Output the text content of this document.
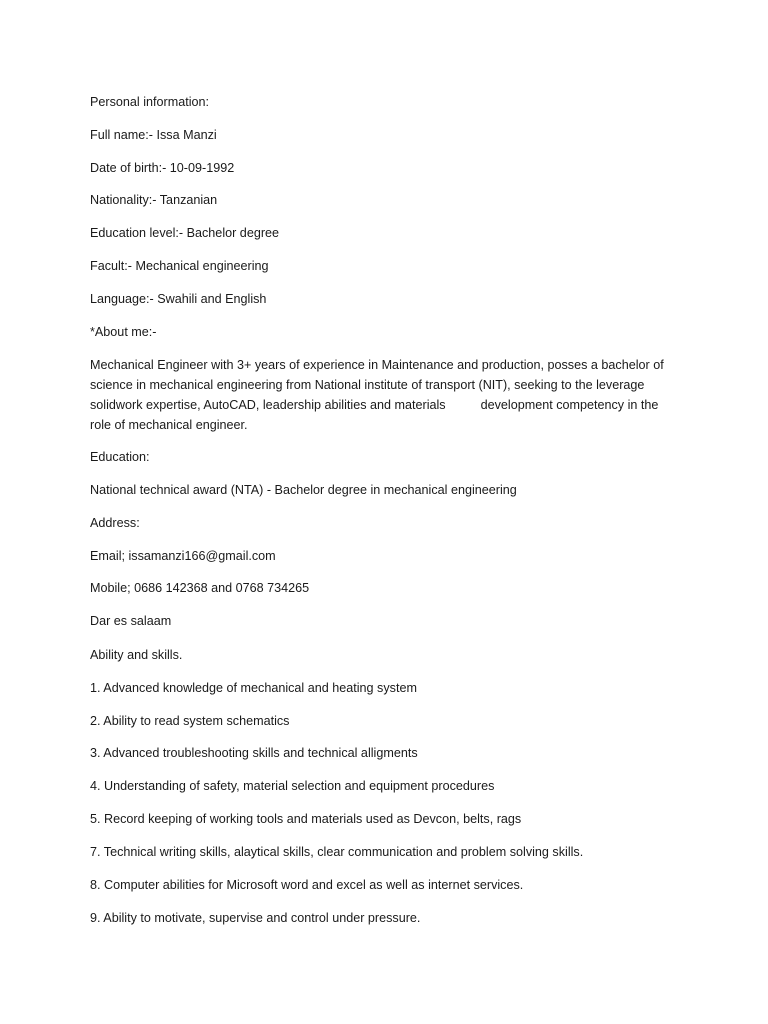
Personal information:

Full name:- Issa Manzi

Date of birth:- 10-09-1992

Nationality:- Tanzanian

Education level:- Bachelor degree

Facult:- Mechanical engineering

Language:- Swahili and English

*About me:-

Mechanical Engineer with 3+ years of experience in Maintenance and production, posses a bachelor of
science in mechanical engineering from National institute of transport (NIT), seeking to the leverage
solidwork expertise, AutoCAD, leadership abilities and materials          development competency in the
role of mechanical engineer.

Education:

National technical award (NTA) - Bachelor degree in mechanical engineering

Address:

Email; issamanzi166@gmail.com

Mobile; 0686 142368 and 0768 734265

Dar es salaam

Ability and skills.

1. Advanced knowledge of mechanical and heating system

2. Ability to read system schematics

3. Advanced troubleshooting skills and technical alligments

4. Understanding of safety, material selection and equipment procedures

5. Record keeping of working tools and materials used as Devcon, belts, rags

7. Technical writing skills, alaytical skills, clear communication and problem solving skills.

8. Computer abilities for Microsoft word and excel as well as internet services.

9. Ability to motivate, supervise and control under pressure.
